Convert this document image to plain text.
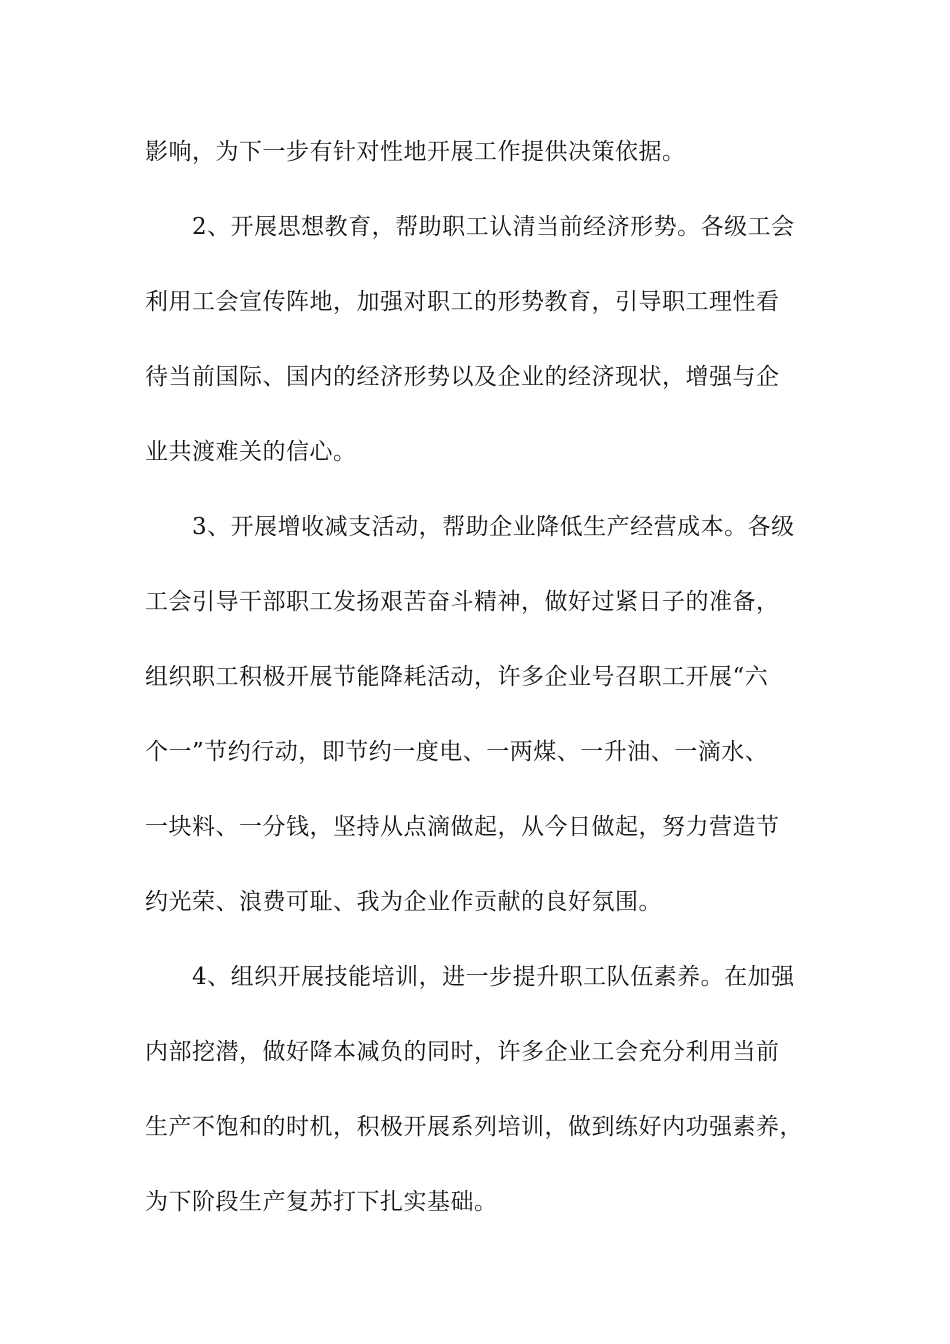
影响，为下一步有针对性地开展工作提供决策依据。
2、开展思想教育，帮助职工认清当前经济形势。各级工会
利用工会宣传阵地，加强对职工的形势教育，引导职工理性看
待当前国际、国内的经济形势以及企业的经济现状，增强与企
业共渡难关的信心。
3、开展增收减支活动，帮助企业降低生产经营成本。各级
工会引导干部职工发扬艰苦奋斗精神，做好过紧日子的准备，
组织职工积极开展节能降耗活动，许多企业号召职工开展“六
个一”节约行动，即节约一度电、一两煤、一升油、一滴水、
一块料、一分钱，坚持从点滴做起，从今日做起，努力营造节
约光荣、浪费可耻、我为企业作贡献的良好氛围。
4、组织开展技能培训，进一步提升职工队伍素养。在加强
内部挖潜，做好降本减负的同时，许多企业工会充分利用当前
生产不饱和的时机，积极开展系列培训，做到练好内功强素养，
为下阶段生产复苏打下扎实基础。
